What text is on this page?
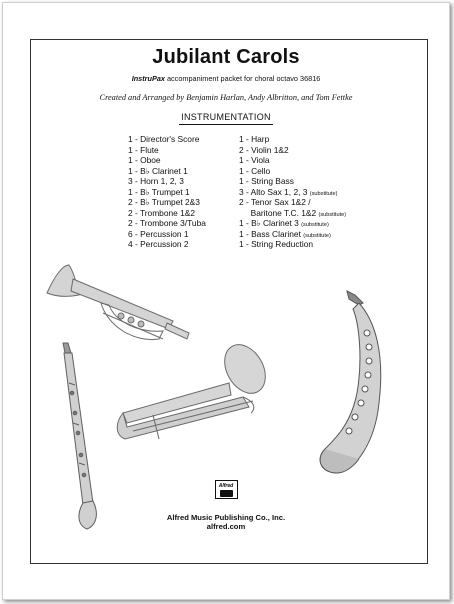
Jubilant Carols
InstruPax accompaniment packet for choral octavo 36816
Created and Arranged by Benjamin Harlan, Andy Albritton, and Tom Fettke
INSTRUMENTATION
1 - Director's Score
1 - Flute
1 - Oboe
1 - B♭ Clarinet 1
3 - Horn 1, 2, 3
1 - B♭ Trumpet 1
2 - B♭ Trumpet 2&3
2 - Trombone 1&2
2 - Trombone 3/Tuba
6 - Percussion 1
4 - Percussion 2
1 - Harp
2 - Violin 1&2
1 - Viola
1 - Cello
1 - String Bass
3 - Alto Sax 1, 2, 3 (substitute)
2 - Tenor Sax 1&2 /
Baritone T.C. 1&2 (substitute)
1 - B♭ Clarinet 3 (substitute)
1 - Bass Clarinet (substitute)
1 - String Reduction
Alfred
Alfred Music Publishing Co., Inc.
alfred.com
